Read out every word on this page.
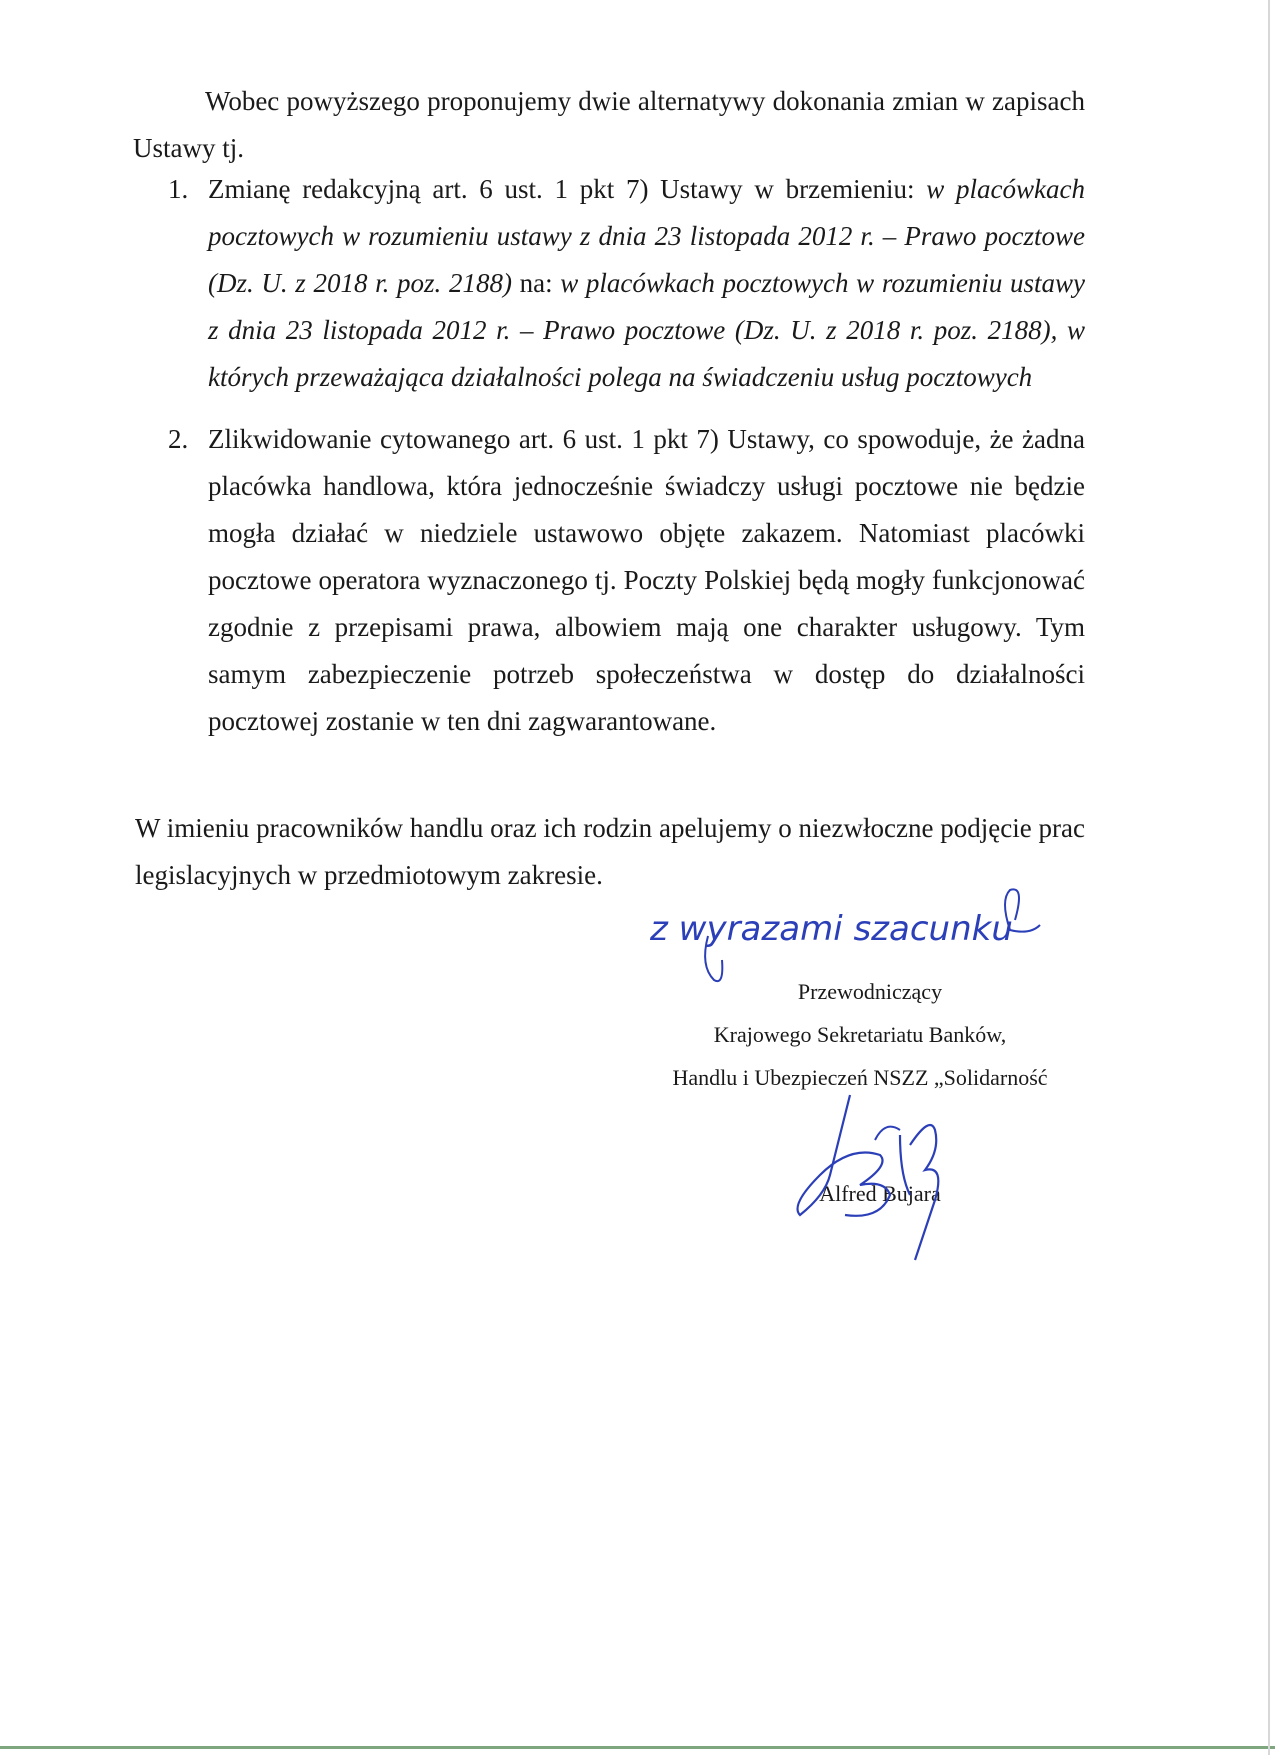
Wobec powyższego proponujemy dwie alternatywy dokonania zmian w zapisach Ustawy tj.
1. Zmianę redakcyjną art. 6 ust. 1 pkt 7) Ustawy w brzemieniu: w placówkach pocztowych w rozumieniu ustawy z dnia 23 listopada 2012 r. – Prawo pocztowe (Dz. U. z 2018 r. poz. 2188) na: w placówkach pocztowych w rozumieniu ustawy z dnia 23 listopada 2012 r. – Prawo pocztowe (Dz. U. z 2018 r. poz. 2188), w których przeważająca działalności polega na świadczeniu usług pocztowych
2. Zlikwidowanie cytowanego art. 6 ust. 1 pkt 7) Ustawy, co spowoduje, że żadna placówka handlowa, która jednocześnie świadczy usługi pocztowe nie będzie mogła działać w niedziele ustawowo objęte zakazem. Natomiast placówki pocztowe operatora wyznaczonego tj. Poczty Polskiej będą mogły funkcjonować zgodnie z przepisami prawa, albowiem mają one charakter usługowy. Tym samym zabezpieczenie potrzeb społeczeństwa w dostęp do działalności pocztowej zostanie w ten dni zagwarantowane.
W imieniu pracowników handlu oraz ich rodzin apelujemy o niezwłoczne podjęcie prac legislacyjnych w przedmiotowym zakresie.
z wyrazami szacunku
Przewodniczący
Krajowego Sekretariatu Banków,
Handlu i Ubezpieczeń NSZZ „Solidarność
Alfred Bujara
